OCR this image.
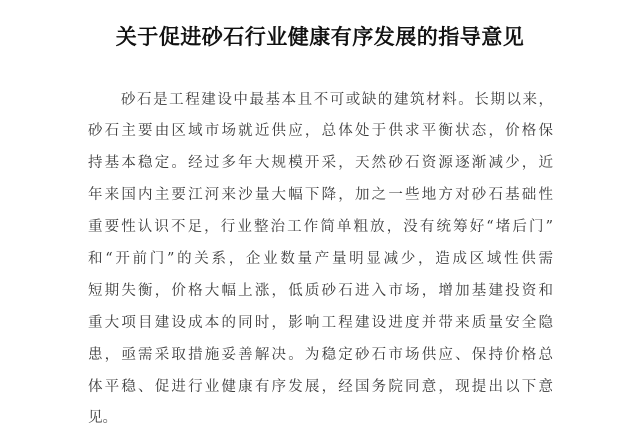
关于促进砂石行业健康有序发展的指导意见
砂石是工程建设中最基本且不可或缺的建筑材料。长期以来，
砂石主要由区域市场就近供应，总体处于供求平衡状态，价格保
持基本稳定。经过多年大规模开采，天然砂石资源逐渐减少，近
年来国内主要江河来沙量大幅下降，加之一些地方对砂石基础性
重要性认识不足，行业整治工作简单粗放，没有统筹好“堵后门”
和“开前门”的关系，企业数量产量明显减少，造成区域性供需
短期失衡，价格大幅上涨，低质砂石进入市场，增加基建投资和
重大项目建设成本的同时，影响工程建设进度并带来质量安全隐
患，亟需采取措施妥善解决。为稳定砂石市场供应、保持价格总
体平稳、促进行业健康有序发展，经国务院同意，现提出以下意
见。
